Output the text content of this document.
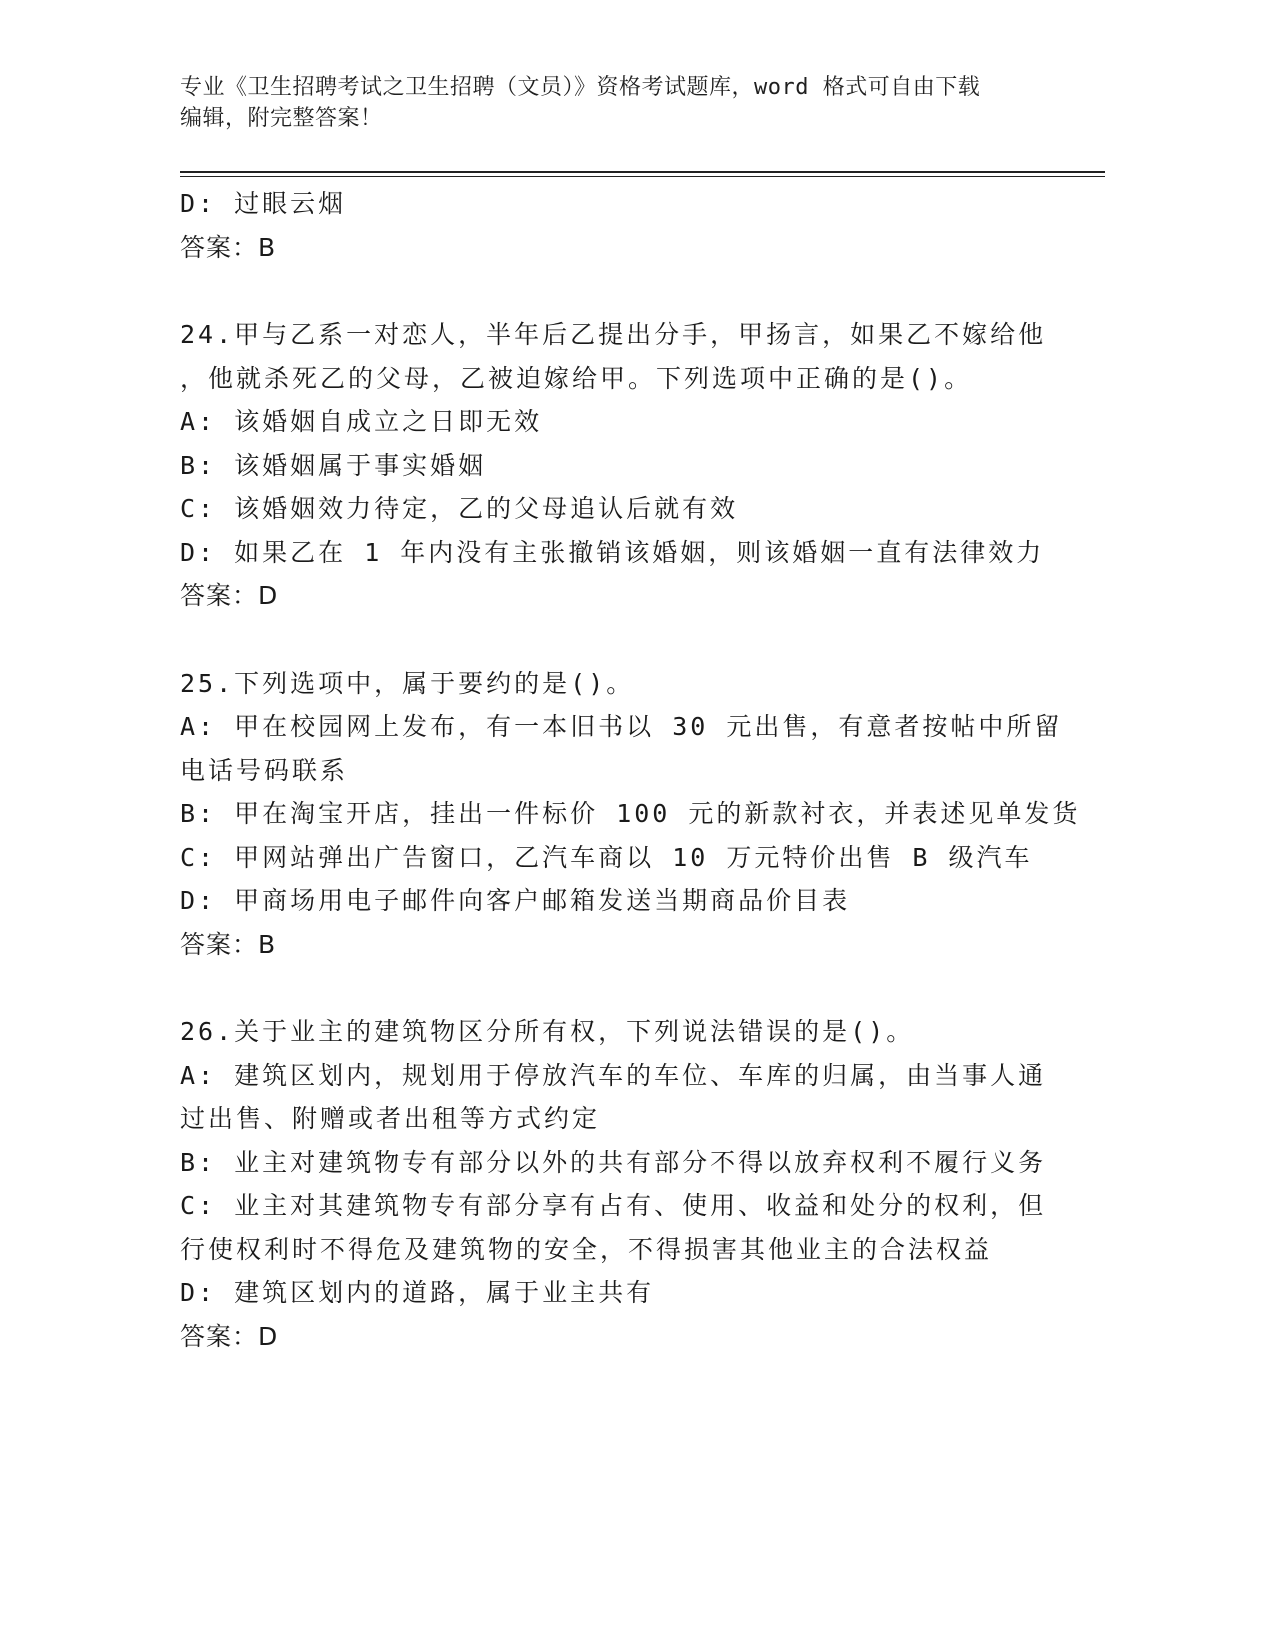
专业《卫生招聘考试之卫生招聘（文员）》资格考试题库，word 格式可自由下载
编辑，附完整答案！
D: 过眼云烟
答案：B
24.甲与乙系一对恋人，半年后乙提出分手，甲扬言，如果乙不嫁给他
，他就杀死乙的父母，乙被迫嫁给甲。下列选项中正确的是()。
A: 该婚姻自成立之日即无效
B: 该婚姻属于事实婚姻
C: 该婚姻效力待定，乙的父母追认后就有效
D: 如果乙在 1 年内没有主张撤销该婚姻，则该婚姻一直有法律效力
答案：D
25.下列选项中，属于要约的是()。
A: 甲在校园网上发布，有一本旧书以 30 元出售，有意者按帖中所留
电话号码联系
B: 甲在淘宝开店，挂出一件标价 100 元的新款衬衣，并表述见单发货
C: 甲网站弹出广告窗口，乙汽车商以 10 万元特价出售 B 级汽车
D: 甲商场用电子邮件向客户邮箱发送当期商品价目表
答案：B
26.关于业主的建筑物区分所有权，下列说法错误的是()。
A: 建筑区划内，规划用于停放汽车的车位、车库的归属，由当事人通
过出售、附赠或者出租等方式约定
B: 业主对建筑物专有部分以外的共有部分不得以放弃权利不履行义务
C: 业主对其建筑物专有部分享有占有、使用、收益和处分的权利，但
行使权利时不得危及建筑物的安全，不得损害其他业主的合法权益
D: 建筑区划内的道路，属于业主共有
答案：D
